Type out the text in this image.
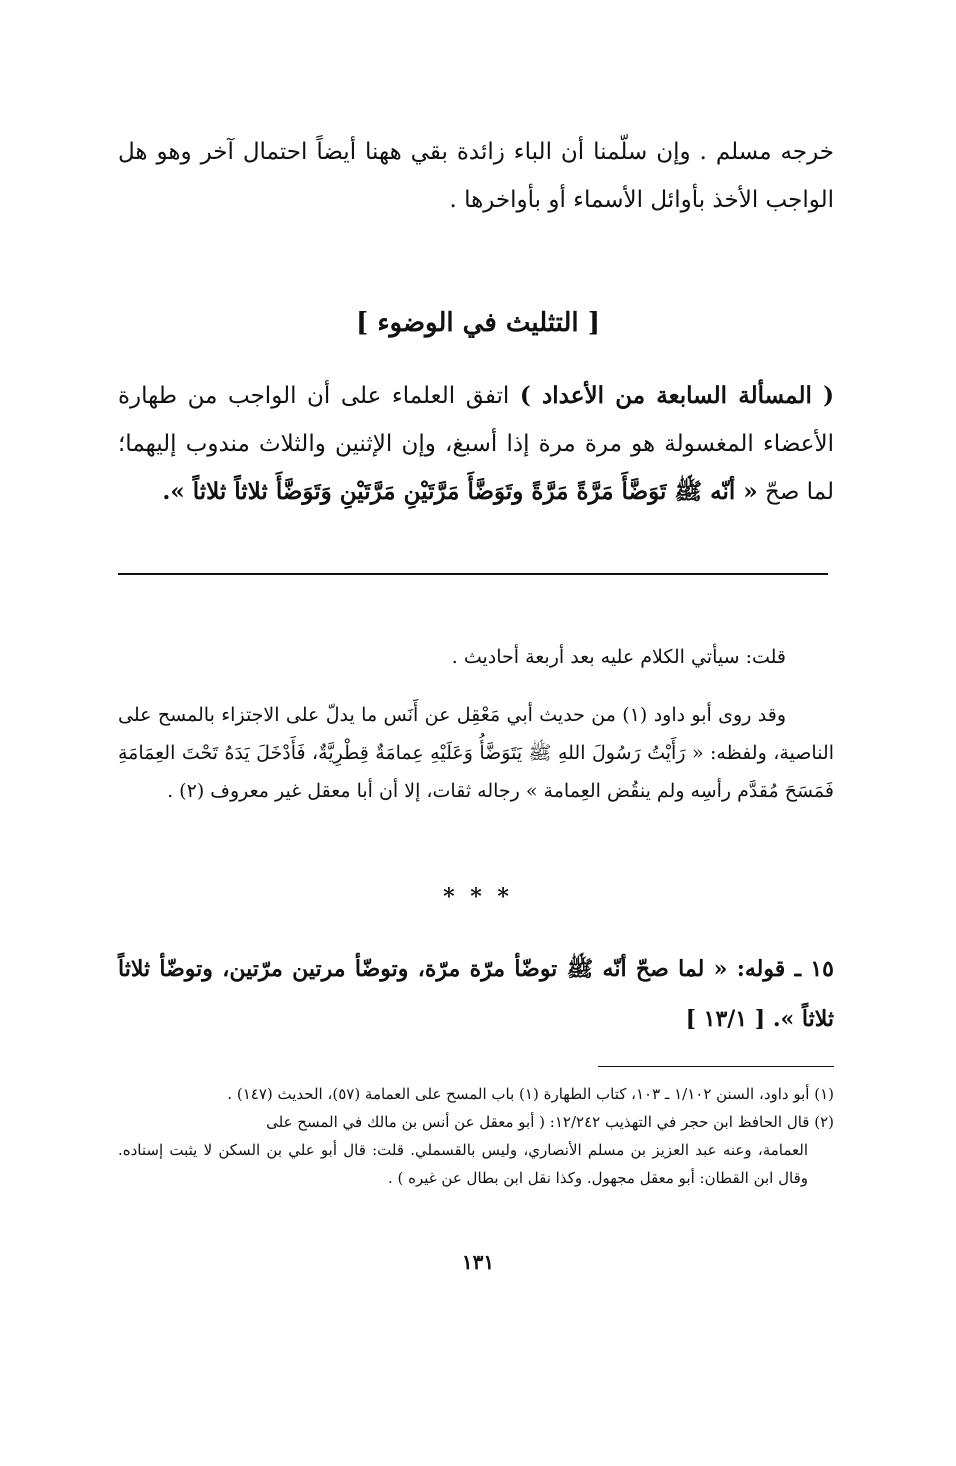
خرجه مسلم . وإن سلّمنا أن الباء زائدة بقي ههنا أيضاً احتمال آخر وهو هل الواجب الأخذ بأوائل الأسماء أو بأواخرها .

[ التثليث في الوضوء ]

( المسألة السابعة من الأعداد ) اتفق العلماء على أن الواجب من طهارة الأعضاء المغسولة هو مرة مرة إذا أسبغ، وإن الإثنين والثلاث مندوب إليهما؛ لما صحّ « أنّه ﷺ تَوَضَّأَ مَرَّةً مَرَّةً وتَوَضَّأَ مَرَّتَيْنِ مَرَّتَيْنِ وَتَوَضَّأَ ثلاثاً ثلاثاً ».

قلت: سيأتي الكلام عليه بعد أربعة أحاديث .

وقد روى أبو داود (١) من حديث أبي مَعْقِل عن أَنَس ما يدلّ على الاجتزاء بالمسح على الناصية، ولفظه: « رَأَيْتُ رَسُولَ اللهِ ﷺ يَتَوَضَّأُ وَعَلَيْهِ عِمامَةٌ قِطْرِيَّةٌ، فَأَدْخَلَ يَدَهُ تَحْتَ العِمَامَةِ فَمَسَحَ مُقدَّم رأسِه ولم ينقُض العِمامة » رجاله ثقات، إلا أن أبا معقل غير معروف (٢) .

* * *

١٥ ـ قوله: « لما صحّ أنّه ﷺ توضّأ مرّة مرّة، وتوضّأ مرتين مرّتين، وتوضّأ ثلاثاً ثلاثاً ». [ ١٣/١ ]

(١) أبو داود، السنن ١/١٠٢ ـ ١٠٣، كتاب الطهارة (١) باب المسح على العمامة (٥٧)، الحديث (١٤٧) .

(٢) قال الحافظ ابن حجر في التهذيب ١٢/٢٤٢: ( أبو معقل عن أنس بن مالك في المسح على

العمامة، وعنه عبد العزيز بن مسلم الأنصاري، وليس بالقسملي. قلت: قال أبو علي بن السكن لا يثبت إسناده. وقال ابن القطان: أبو معقل مجهول. وكذا نقل ابن بطال عن غيره ) .

١٣١
